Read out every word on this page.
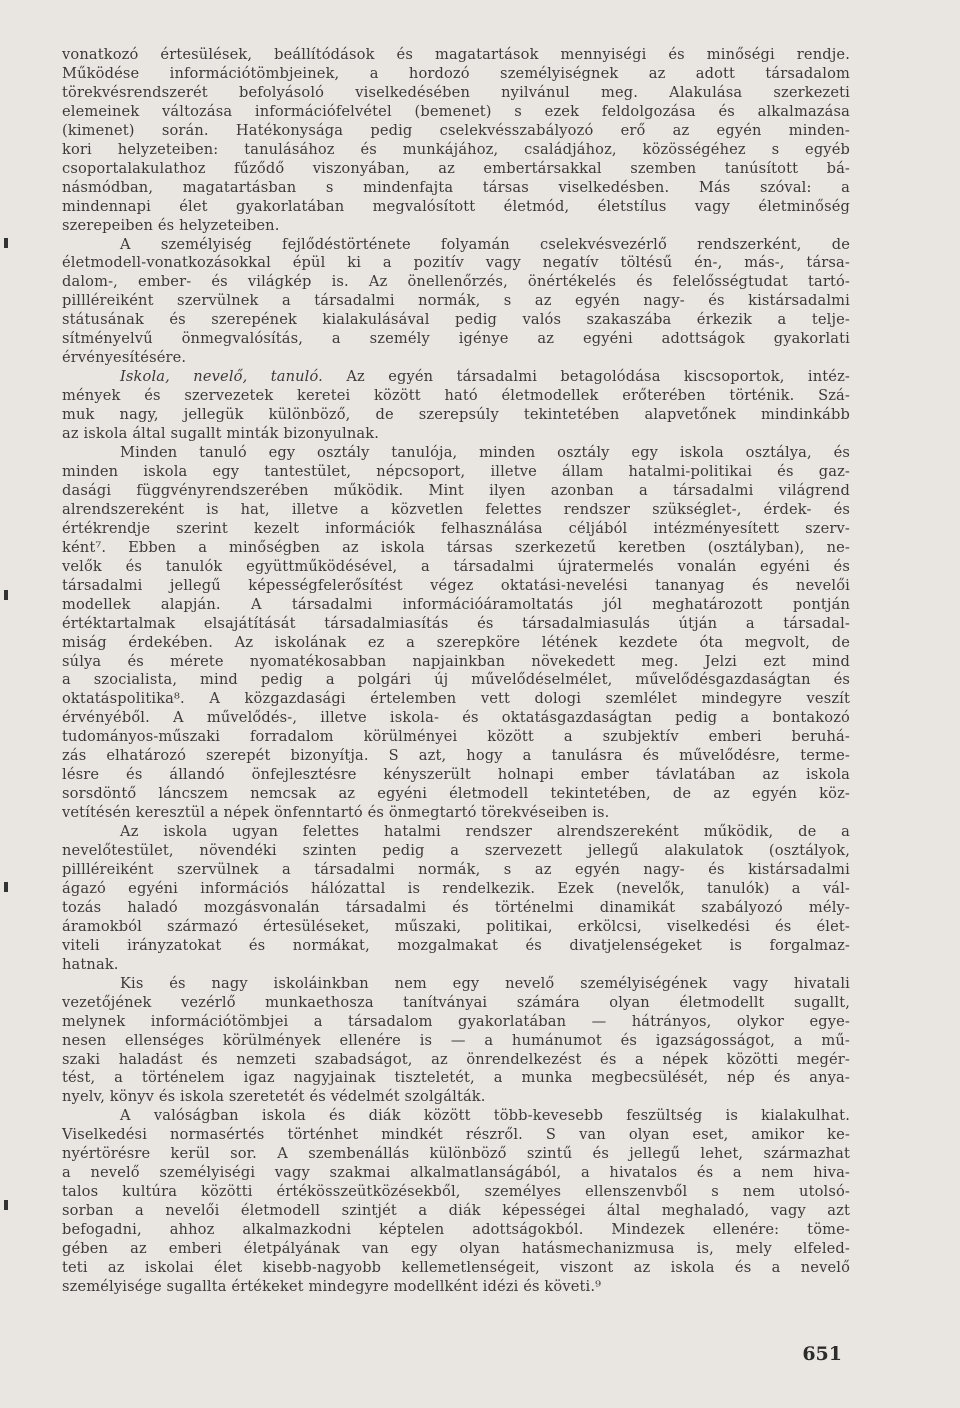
vonatkozó értesülések, beállítódások és magatartások mennyiségi és minőségi rendje.
Működése információtömbjeinek, a hordozó személyiségnek az adott társadalom
törekvésrendszerét befolyásoló viselkedésében nyilvánul meg. Alakulása szerkezeti
elemeinek változása információfelvétel (bemenet) s ezek feldolgozása és alkalmazása
(kimenet) során. Hatékonysága pedig cselekvésszabályozó erő az egyén minden-
kori helyzeteiben: tanulásához és munkájához, családjához, közösségéhez s egyéb
csoportalakulathoz fűződő viszonyában, az embertársakkal szemben tanúsított bá-
násmódban, magatartásban s mindenfajta társas viselkedésben. Más szóval: a
mindennapi élet gyakorlatában megvalósított életmód, életstílus vagy életminőség
szerepeiben és helyzeteiben.
A személyiség fejlődéstörténete folyamán cselekvésvezérlő rendszerként, de
életmodell-vonatkozásokkal épül ki a pozitív vagy negatív töltésű én-, más-, társa-
dalom-, ember- és világkép is. Az önellenőrzés, önértékelés és felelősségtudat tartó-
pillléreiként szervülnek a társadalmi normák, s az egyén nagy- és kistársadalmi
státusának és szerepének kialakulásával pedig valós szakaszába érkezik a telje-
sítményelvű önmegvalósítás, a személy igénye az egyéni adottságok gyakorlati
érvényesítésére.
Iskola, nevelő, tanuló. Az egyén társadalmi betagolódása kiscsoportok, intéz-
mények és szervezetek keretei között ható életmodellek erőterében történik. Szá-
muk nagy, jellegük különböző, de szerepsúly tekintetében alapvetőnek mindinkább
az iskola által sugallt minták bizonyulnak.
Minden tanuló egy osztály tanulója, minden osztály egy iskola osztálya, és
minden iskola egy tantestület, népcsoport, illetve állam hatalmi-politikai és gaz-
dasági függvényrendszerében működik. Mint ilyen azonban a társadalmi világrend
alrendszereként is hat, illetve a közvetlen felettes rendszer szükséglet-, érdek- és
értékrendje szerint kezelt információk felhasználása céljából intézményesített szerv-
ként⁷. Ebben a minőségben az iskola társas szerkezetű keretben (osztályban), ne-
velők és tanulók együttműködésével, a társadalmi újratermelés vonalán egyéni és
társadalmi jellegű képességfelerősítést végez oktatási-nevelési tananyag és nevelői
modellek alapján. A társadalmi információáramoltatás jól meghatározott pontján
értéktartalmak elsajátítását társadalmiasítás és társadalmiasulás útján a társadal-
miság érdekében. Az iskolának ez a szerepköre létének kezdete óta megvolt, de
súlya és mérete nyomatékosabban napjainkban növekedett meg. Jelzi ezt mind
a szocialista, mind pedig a polgári új művelődéselmélet, művelődésgazdaságtan és
oktatáspolitika⁸. A közgazdasági értelemben vett dologi szemlélet mindegyre veszít
érvényéből. A művelődés-, illetve iskola- és oktatásgazdaságtan pedig a bontakozó
tudományos-műszaki forradalom körülményei között a szubjektív emberi beruhá-
zás elhatározó szerepét bizonyítja. S azt, hogy a tanulásra és művelődésre, terme-
lésre és állandó önfejlesztésre kényszerült holnapi ember távlatában az iskola
sorsdöntő láncszem nemcsak az egyéni életmodell tekintetében, de az egyén köz-
vetítésén keresztül a népek önfenntartó és önmegtartó törekvéseiben is.
Az iskola ugyan felettes hatalmi rendszer alrendszereként működik, de a
nevelőtestület, növendéki szinten pedig a szervezett jellegű alakulatok (osztályok,
pillléreiként szervülnek a társadalmi normák, s az egyén nagy- és kistársadalmi
ágazó egyéni információs hálózattal is rendelkezik. Ezek (nevelők, tanulók) a vál-
tozás haladó mozgásvonalán társadalmi és történelmi dinamikát szabályozó mély-
áramokból származó értesüléseket, műszaki, politikai, erkölcsi, viselkedési és élet-
viteli irányzatokat és normákat, mozgalmakat és divatjelenségeket is forgalmaz-
hatnak.
Kis és nagy iskoláinkban nem egy nevelő személyiségének vagy hivatali
vezetőjének vezérlő munkaethosza tanítványai számára olyan életmodellt sugallt,
melynek információtömbjei a társadalom gyakorlatában — hátrányos, olykor egye-
nesen ellenséges körülmények ellenére is — a humánumot és igazságosságot, a mű-
szaki haladást és nemzeti szabadságot, az önrendelkezést és a népek közötti megér-
tést, a történelem igaz nagyjainak tiszteletét, a munka megbecsülését, nép és anya-
nyelv, könyv és iskola szeretetét és védelmét szolgálták.
A valóságban iskola és diák között több-kevesebb feszültség is kialakulhat.
Viselkedési normasértés történhet mindkét részről. S van olyan eset, amikor ke-
nyértörésre kerül sor. A szembenállás különböző szintű és jellegű lehet, származhat
a nevelő személyiségi vagy szakmai alkalmatlanságából, a hivatalos és a nem hiva-
talos kultúra közötti értékösszeütközésekből, személyes ellenszenvből s nem utolsó-
sorban a nevelői életmodell szintjét a diák képességei által meghaladó, vagy azt
befogadni, ahhoz alkalmazkodni képtelen adottságokból. Mindezek ellenére: töme-
gében az emberi életpályának van egy olyan hatásmechanizmusa is, mely elfeled-
teti az iskolai élet kisebb-nagyobb kellemetlenségeit, viszont az iskola és a nevelő
személyisége sugallta értékeket mindegyre modellként idézi és követi.⁹
651
